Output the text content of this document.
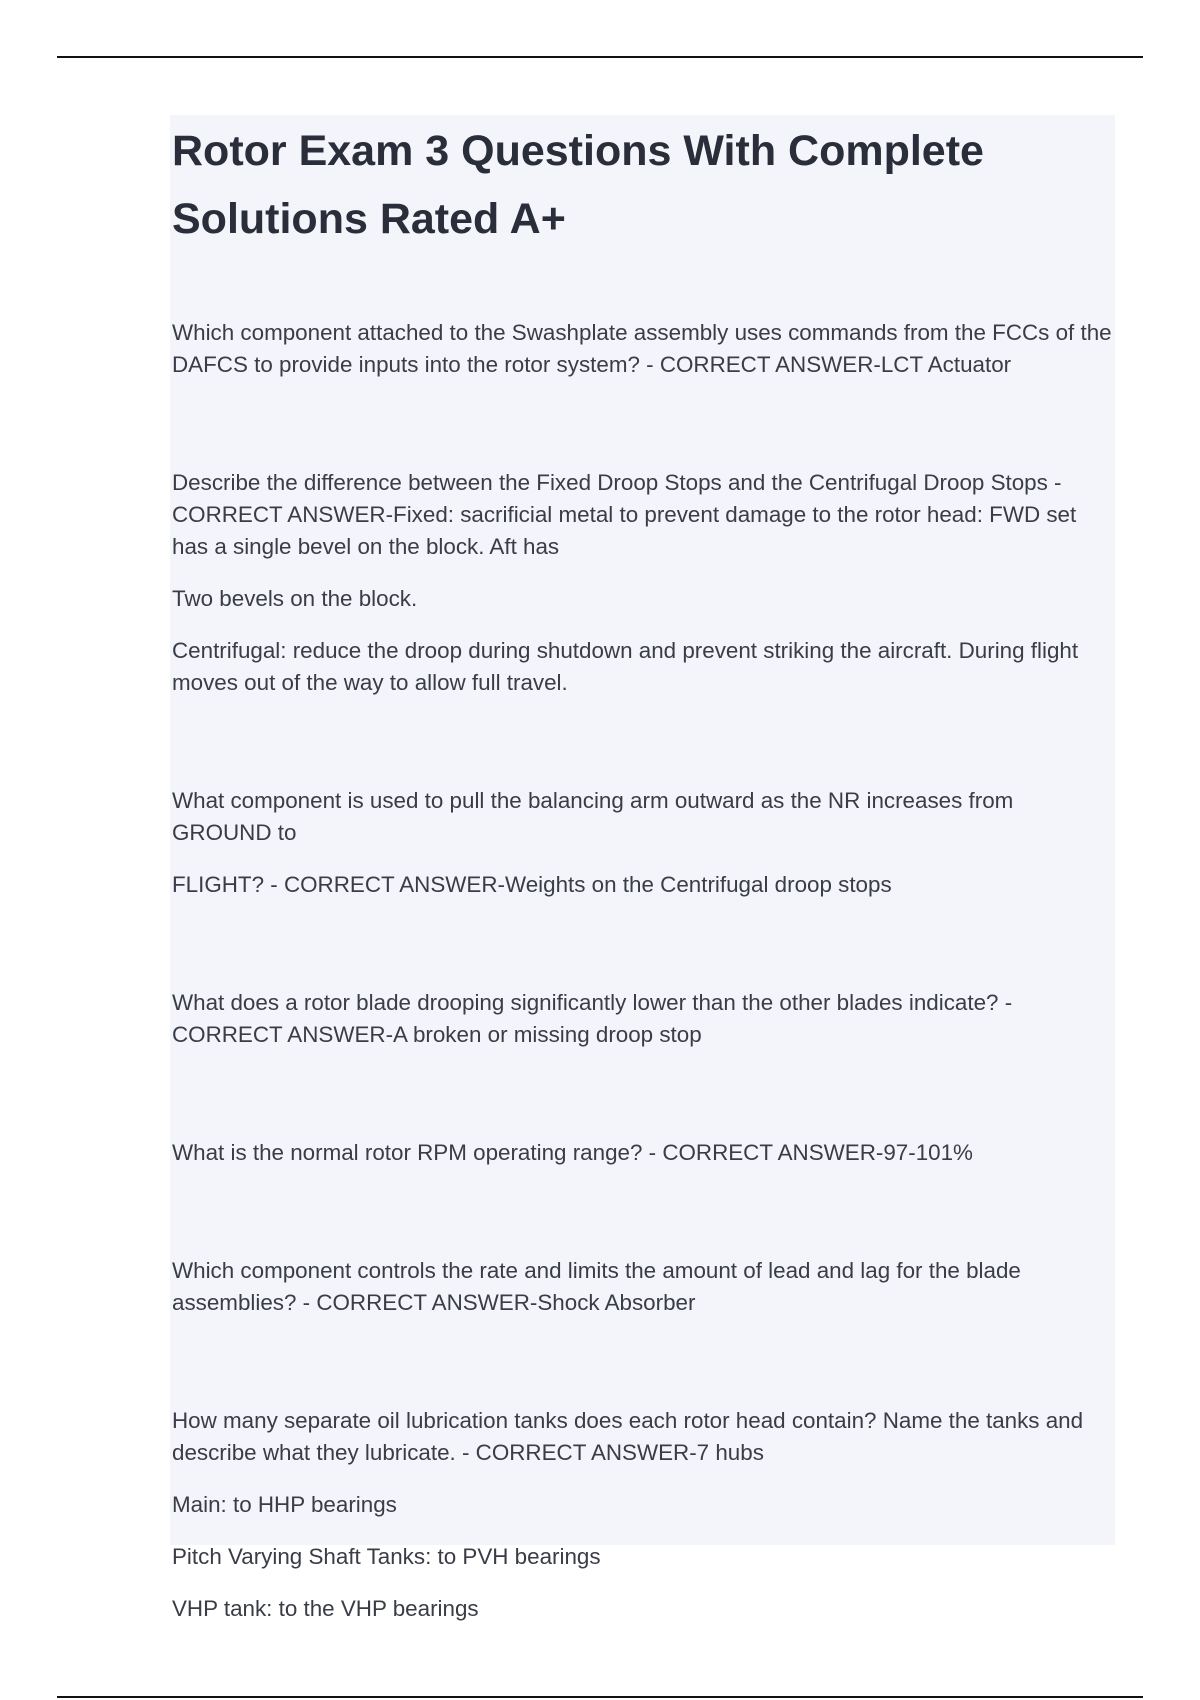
Rotor Exam 3 Questions With Complete Solutions Rated A+

Which component attached to the Swashplate assembly uses commands from the FCCs of the DAFCS to provide inputs into the rotor system? - CORRECT ANSWER-LCT Actuator

Describe the difference between the Fixed Droop Stops and the Centrifugal Droop Stops - CORRECT ANSWER-Fixed: sacrificial metal to prevent damage to the rotor head: FWD set has a single bevel on the block. Aft has

Two bevels on the block.

Centrifugal: reduce the droop during shutdown and prevent striking the aircraft. During flight moves out of the way to allow full travel.

What component is used to pull the balancing arm outward as the NR increases from GROUND to

FLIGHT? - CORRECT ANSWER-Weights on the Centrifugal droop stops

What does a rotor blade drooping significantly lower than the other blades indicate? - CORRECT ANSWER-A broken or missing droop stop

What is the normal rotor RPM operating range? - CORRECT ANSWER-97-101%

Which component controls the rate and limits the amount of lead and lag for the blade assemblies? - CORRECT ANSWER-Shock Absorber

How many separate oil lubrication tanks does each rotor head contain? Name the tanks and describe what they lubricate. - CORRECT ANSWER-7 hubs

Main: to HHP bearings

Pitch Varying Shaft Tanks: to PVH bearings

VHP tank: to the VHP bearings
